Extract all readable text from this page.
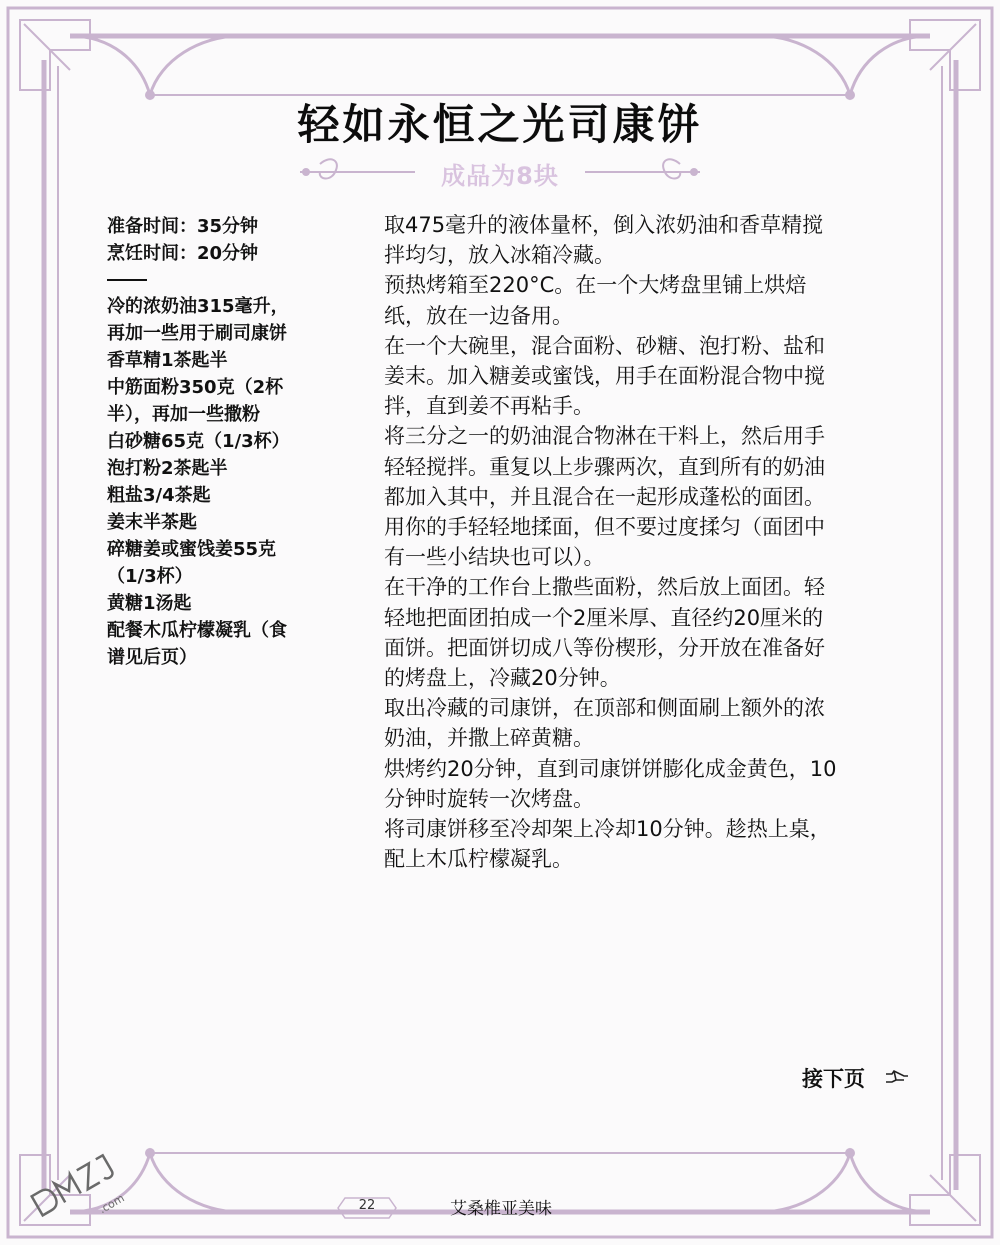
轻如永恒之光司康饼
成品为8块
准备时间：35分钟
烹饪时间：20分钟
冷的浓奶油315毫升，
再加一些用于刷司康饼
香草精1茶匙半
中筋面粉350克（2杯
半），再加一些撒粉
白砂糖65克（1/3杯）
泡打粉2茶匙半
粗盐3/4茶匙
姜末半茶匙
碎糖姜或蜜饯姜55克
（1/3杯）
黄糖1汤匙
配餐木瓜柠檬凝乳（食
谱见后页）
取475毫升的液体量杯，倒入浓奶油和香草精搅
拌均匀，放入冰箱冷藏。
预热烤箱至220°C。在一个大烤盘里铺上烘焙
纸，放在一边备用。
在一个大碗里，混合面粉、砂糖、泡打粉、盐和
姜末。加入糖姜或蜜饯，用手在面粉混合物中搅
拌，直到姜不再粘手。
将三分之一的奶油混合物淋在干料上，然后用手
轻轻搅拌。重复以上步骤两次，直到所有的奶油
都加入其中，并且混合在一起形成蓬松的面团。
用你的手轻轻地揉面，但不要过度揉匀（面团中
有一些小结块也可以）。
在干净的工作台上撒些面粉，然后放上面团。轻
轻地把面团拍成一个2厘米厚、直径约20厘米的
面饼。把面饼切成八等份楔形，分开放在准备好
的烤盘上，冷藏20分钟。
取出冷藏的司康饼，在顶部和侧面刷上额外的浓
奶油，并撒上碎黄糖。
烘烤约20分钟，直到司康饼饼膨化成金黄色，10
分钟时旋转一次烤盘。
将司康饼移至冷却架上冷却10分钟。趁热上桌，
配上木瓜柠檬凝乳。
接下页
22	艾桑椎亚美味
.com
